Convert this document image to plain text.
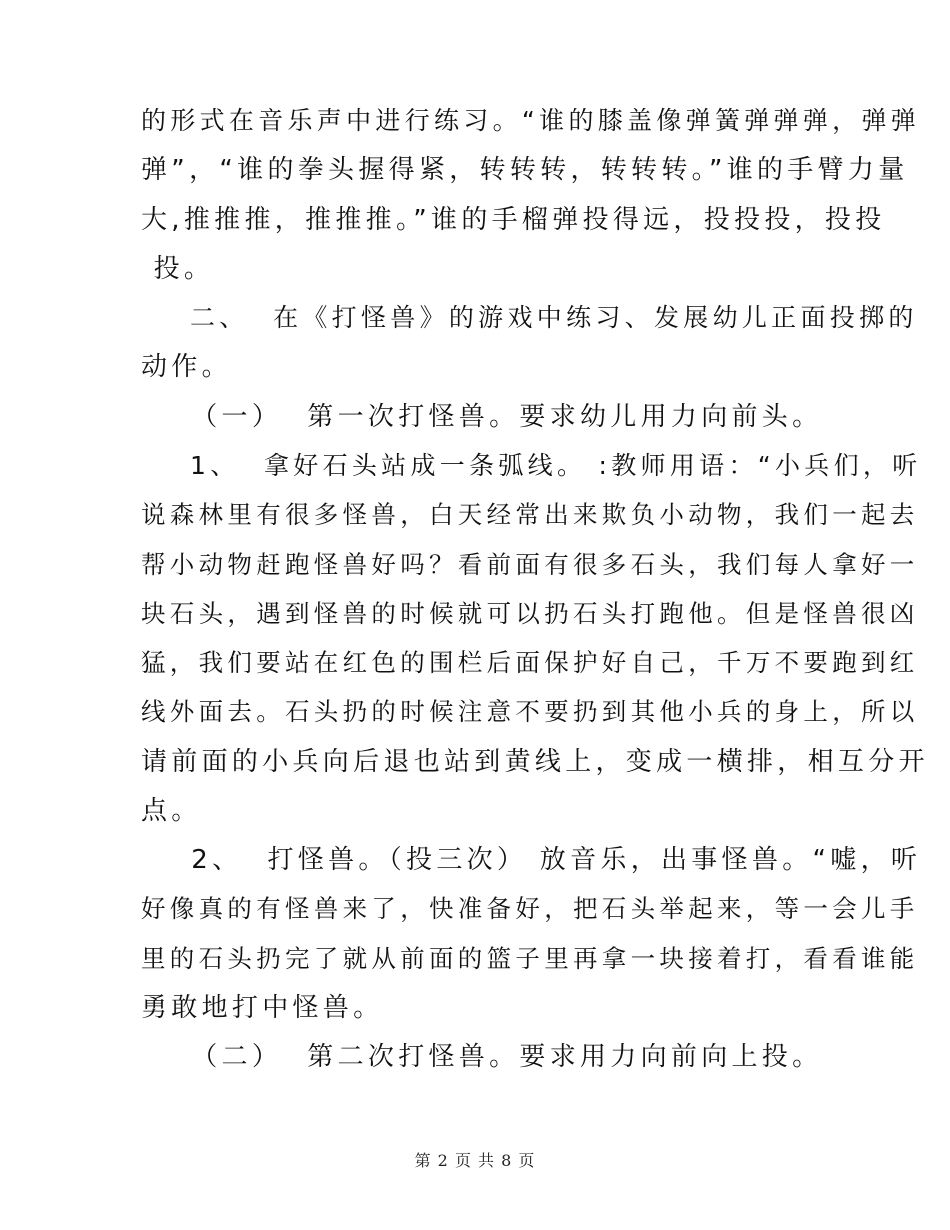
的形式在音乐声中进行练习。“谁的膝盖像弹簧弹弹弹，弹弹
弹”，“谁的拳头握得紧，转转转，转转转。”谁的手臂力量
大,推推推，推推推。”谁的手榴弹投得远，投投投，投投
投。
二、  在《打怪兽》的游戏中练习、发展幼儿正面投掷的
动作。
（一）  第一次打怪兽。要求幼儿用力向前头。
1、  拿好石头站成一条弧线。 :教师用语：“小兵们，听
说森林里有很多怪兽，白天经常出来欺负小动物，我们一起去
帮小动物赶跑怪兽好吗？看前面有很多石头，我们每人拿好一
块石头，遇到怪兽的时候就可以扔石头打跑他。但是怪兽很凶
猛，我们要站在红色的围栏后面保护好自己，千万不要跑到红
线外面去。石头扔的时候注意不要扔到其他小兵的身上，所以
请前面的小兵向后退也站到黄线上，变成一横排，相互分开
点。
2、  打怪兽。（投三次） 放音乐，出事怪兽。“嘘，听
好像真的有怪兽来了，快准备好，把石头举起来，等一会儿手
里的石头扔完了就从前面的篮子里再拿一块接着打，看看谁能
勇敢地打中怪兽。
（二）  第二次打怪兽。要求用力向前向上投。
第 2 页 共 8 页
